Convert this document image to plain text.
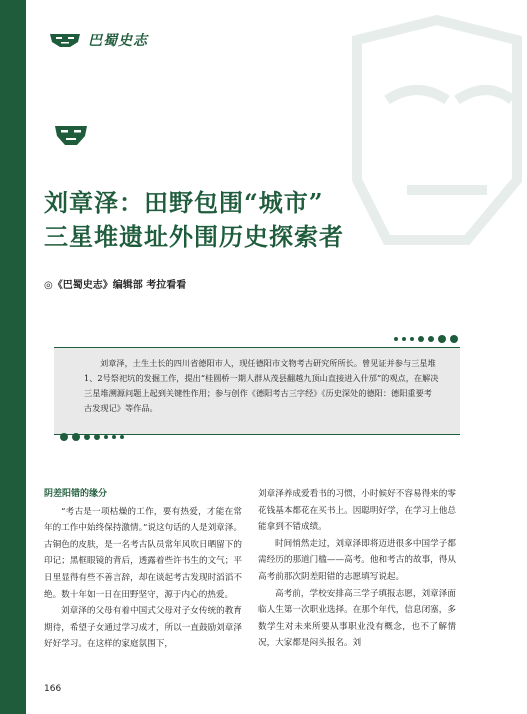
巴蜀史志
刘章泽：田野包围“城市”
三星堆遗址外围历史探索者
◎《巴蜀史志》编辑部 考拉看看
刘章泽，土生土长的四川省德阳市人，现任德阳市文物考古研究所所长。曾见证并参与三星堆1、2号祭祀坑的发掘工作，提出“桂圆桥一期人群从茂县翻越九顶山直接进入什邡”的观点，在解决三星堆溯源问题上起到关键性作用；参与创作《德阳考古三字经》《历史深处的德阳：德阳重要考古发现记》等作品。

阴差阳错的缘分

“考古是一项枯燥的工作，要有热爱，才能在常年的工作中始终保持激情。”说这句话的人是刘章泽。古铜色的皮肤，是一名考古队员常年风吹日晒留下的印记；黑框眼镜的背后，透露着些许书生的文气；平日里显得有些不善言辞，却在谈起考古发现时滔滔不绝。数十年如一日在田野坚守，源于内心的热爱。

刘章泽的父母有着中国式父母对子女传统的教育期待，希望子女通过学习成才，所以一直鼓励刘章泽好好学习。在这样的家庭氛围下，

刘章泽养成爱看书的习惯，小时候好不容易得来的零花钱基本都花在买书上。因聪明好学，在学习上他总能拿到不错成绩。

时间悄然走过，刘章泽即将迈进很多中国学子都需经历的那道门槛——高考。他和考古的故事，得从高考前那次阴差阳错的志愿填写说起。

高考前，学校安排高三学子填报志愿，刘章泽面临人生第一次职业选择。在那个年代，信息闭塞，多数学生对未来所要从事职业没有概念，也不了解情况，大家都是闷头报名。刘

166
